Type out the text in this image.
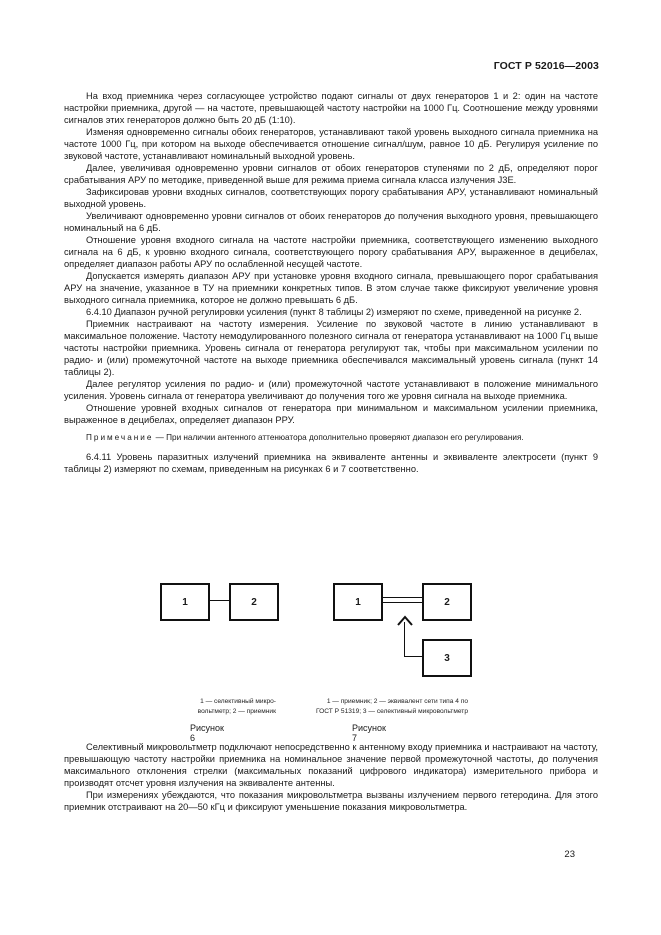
ГОСТ Р 52016—2003

На вход приемника через согласующее устройство подают сигналы от двух генераторов 1 и 2: один на частоте настройки приемника, другой — на частоте, превышающей частоту настройки на 1000 Гц. Соотношение между уровнями сигналов этих генераторов должно быть 20 дБ (1:10).

Изменяя одновременно сигналы обоих генераторов, устанавливают такой уровень выходного сигнала приемника на частоте 1000 Гц, при котором на выходе обеспечивается отношение сигнал/шум, равное 10 дБ. Регулируя усиление по звуковой частоте, устанавливают номинальный выходной уровень.

Далее, увеличивая одновременно уровни сигналов от обоих генераторов ступенями по 2 дБ, определяют порог срабатывания АРУ по методике, приведенной выше для режима приема сигнала класса излучения J3E.

Зафиксировав уровни входных сигналов, соответствующих порогу срабатывания АРУ, устанавливают номинальный выходной уровень.

Увеличивают одновременно уровни сигналов от обоих генераторов до получения выходного уровня, превышающего номинальный на 6 дБ.

Отношение уровня входного сигнала на частоте настройки приемника, соответствующего изменению выходного сигнала на 6 дБ, к уровню входного сигнала, соответствующего порогу срабатывания АРУ, выраженное в децибелах, определяет диапазон работы АРУ по ослабленной несущей частоте.

Допускается измерять диапазон АРУ при установке уровня входного сигнала, превышающего порог срабатывания АРУ на значение, указанное в ТУ на приемники конкретных типов. В этом случае также фиксируют увеличение уровня выходного сигнала приемника, которое не должно превышать 6 дБ.

6.4.10 Диапазон ручной регулировки усиления (пункт 8 таблицы 2) измеряют по схеме, приведенной на рисунке 2.

Приемник настраивают на частоту измерения. Усиление по звуковой частоте в линию устанавливают в максимальное положение. Частоту немодулированного полезного сигнала от генератора устанавливают на 1000 Гц выше частоты настройки приемника. Уровень сигнала от генератора регулируют так, чтобы при максимальном усилении по радио- и (или) промежуточной частоте на выходе приемника обеспечивался максимальный уровень сигнала (пункт 14 таблицы 2).

Далее регулятор усиления по радио- и (или) промежуточной частоте устанавливают в положение минимального усиления. Уровень сигнала от генератора увеличивают до получения того же уровня сигнала на выходе приемника.

Отношение уровней входных сигналов от генератора при минимальном и максимальном усилении приемника, выраженное в децибелах, определяет диапазон РРУ.

Примечание — При наличии антенного аттенюатора дополнительно проверяют диапазон его регулирования.

6.4.11 Уровень паразитных излучений приемника на эквиваленте антенны и эквиваленте электросети (пункт 9 таблицы 2) измеряют по схемам, приведенным на рисунках 6 и 7 соответственно.

1	2
1 — селективный микро-
вольтметр; 2 — приемник
Рисунок 6
1	2
3
1 — приемник; 2 — эквивалент сети типа 4 по
ГОСТ Р 51319; 3 — селективный микровольтметр
Рисунок 7

Селективный микровольтметр подключают непосредственно к антенному входу приемника и настраивают на частоту, превышающую частоту настройки приемника на номинальное значение первой промежуточной частоты, до получения максимального отклонения стрелки (максимальных показаний цифрового индикатора) измерительного прибора и производят отсчет уровня излучения на эквиваленте антенны.

При измерениях убеждаются, что показания микровольтметра вызваны излучением первого гетеродина. Для этого приемник отстраивают на 20—50 кГц и фиксируют уменьшение показания микровольтметра.

23
